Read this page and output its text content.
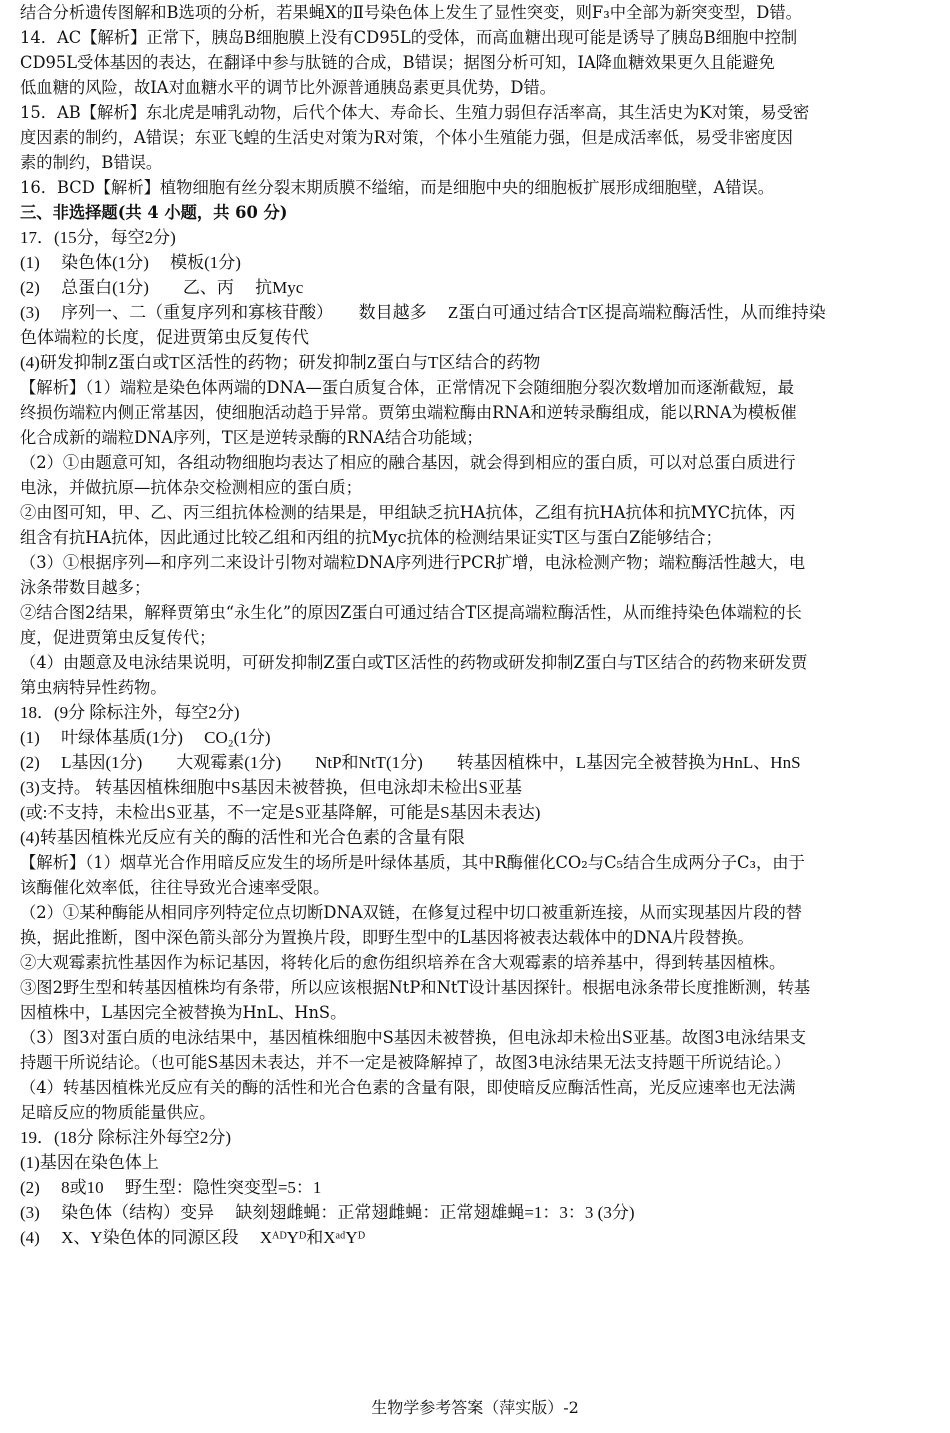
结合分析遗传图解和B选项的分析，若果蝇X的Ⅱ号染色体上发生了显性突变，则F₃中全部为新突变型，D错。
14．AC【解析】正常下，胰岛B细胞膜上没有CD95L的受体，而高血糖出现可能是诱导了胰岛B细胞中控制
CD95L受体基因的表达，在翻译中参与肽链的合成，B错误；据图分析可知，IA降血糖效果更久且能避免
低血糖的风险，故IA对血糖水平的调节比外源普通胰岛素更具优势，D错。
15．AB【解析】东北虎是哺乳动物，后代个体大、寿命长、生殖力弱但存活率高，其生活史为K对策，易受密
度因素的制约，A错误；东亚飞蝗的生活史对策为R对策，个体小生殖能力强，但是成活率低，易受非密度因
素的制约，B错误。
16．BCD【解析】植物细胞有丝分裂末期质膜不缢缩，而是细胞中央的细胞板扩展形成细胞壁，A错误。
三、非选择题(共 4 小题，共 60 分)
17．(15分，每空2分)
(1)　 染色体(1分)　 模板(1分)
(2)　 总蛋白(1分)　　乙、丙　 抗Myc
(3)　 序列一、二（重复序列和寡核苷酸）　　数目越多　 Z蛋白可通过结合T区提高端粒酶活性，从而维持染
色体端粒的长度，促进贾第虫反复传代
(4)研发抑制Z蛋白或T区活性的药物；研发抑制Z蛋白与T区结合的药物
【解析】（1）端粒是染色体两端的DNA—蛋白质复合体，正常情况下会随细胞分裂次数增加而逐渐截短，最
终损伤端粒内侧正常基因，使细胞活动趋于异常。贾第虫端粒酶由RNA和逆转录酶组成，能以RNA为模板催
化合成新的端粒DNA序列，T区是逆转录酶的RNA结合功能域；
（2）①由题意可知，各组动物细胞均表达了相应的融合基因，就会得到相应的蛋白质，可以对总蛋白质进行
电泳，并做抗原—抗体杂交检测相应的蛋白质；
②由图可知，甲、乙、丙三组抗体检测的结果是，甲组缺乏抗HA抗体，乙组有抗HA抗体和抗MYC抗体，丙
组含有抗HA抗体，因此通过比较乙组和丙组的抗Myc抗体的检测结果证实T区与蛋白Z能够结合；
（3）①根据序列—和序列二来设计引物对端粒DNA序列进行PCR扩增，电泳检测产物；端粒酶活性越大，电
泳条带数目越多；
②结合图2结果，解释贾第虫“永生化”的原因Z蛋白可通过结合T区提高端粒酶活性，从而维持染色体端粒的长
度，促进贾第虫反复传代；
（4）由题意及电泳结果说明，可研发抑制Z蛋白或T区活性的药物或研发抑制Z蛋白与T区结合的药物来研发贾
第虫病特异性药物。
18．(9分 除标注外，每空2分)
(1)　 叶绿体基质(1分)　 CO₂(1分)
(2)　 L基因(1分)　　大观霉素(1分)　　NtP和NtT(1分)　　转基因植株中，L基因完全被替换为HnL、HnS
(3)支持。 转基因植株细胞中S基因未被替换，但电泳却未检出S亚基
(或:不支持，未检出S亚基，不一定是S亚基降解，可能是S基因未表达)
(4)转基因植株光反应有关的酶的活性和光合色素的含量有限
【解析】（1）烟草光合作用暗反应发生的场所是叶绿体基质，其中R酶催化CO₂与C₅结合生成两分子C₃，由于
该酶催化效率低，往往导致光合速率受限。
（2）①某种酶能从相同序列特定位点切断DNA双链，在修复过程中切口被重新连接，从而实现基因片段的替
换，据此推断，图中深色箭头部分为置换片段，即野生型中的L基因将被表达载体中的DNA片段替换。
②大观霉素抗性基因作为标记基因，将转化后的愈伤组织培养在含大观霉素的培养基中，得到转基因植株。
③图2野生型和转基因植株均有条带，所以应该根据NtP和NtT设计基因探针。根据电泳条带长度推断测，转基
因植株中，L基因完全被替换为HnL、HnS。
（3）图3对蛋白质的电泳结果中，基因植株细胞中S基因未被替换，但电泳却未检出S亚基。故图3电泳结果支
持题干所说结论。（也可能S基因未表达，并不一定是被降解掉了，故图3电泳结果无法支持题干所说结论。）
（4）转基因植株光反应有关的酶的活性和光合色素的含量有限，即使暗反应酶活性高，光反应速率也无法满
足暗反应的物质能量供应。
19．(18分 除标注外每空2分)
(1)基因在染色体上
(2)　 8或10　 野生型：隐性突变型=5：1
(3)　 染色体（结构）变异　 缺刻翅雌蝇：正常翅雌蝇：正常翅雄蝇=1：3：3 (3分)
(4)　 X、Y染色体的同源区段　 XᴬᴰYᴰ和XᵃᵈYᴰ
生物学参考答案（萍实版）-2
